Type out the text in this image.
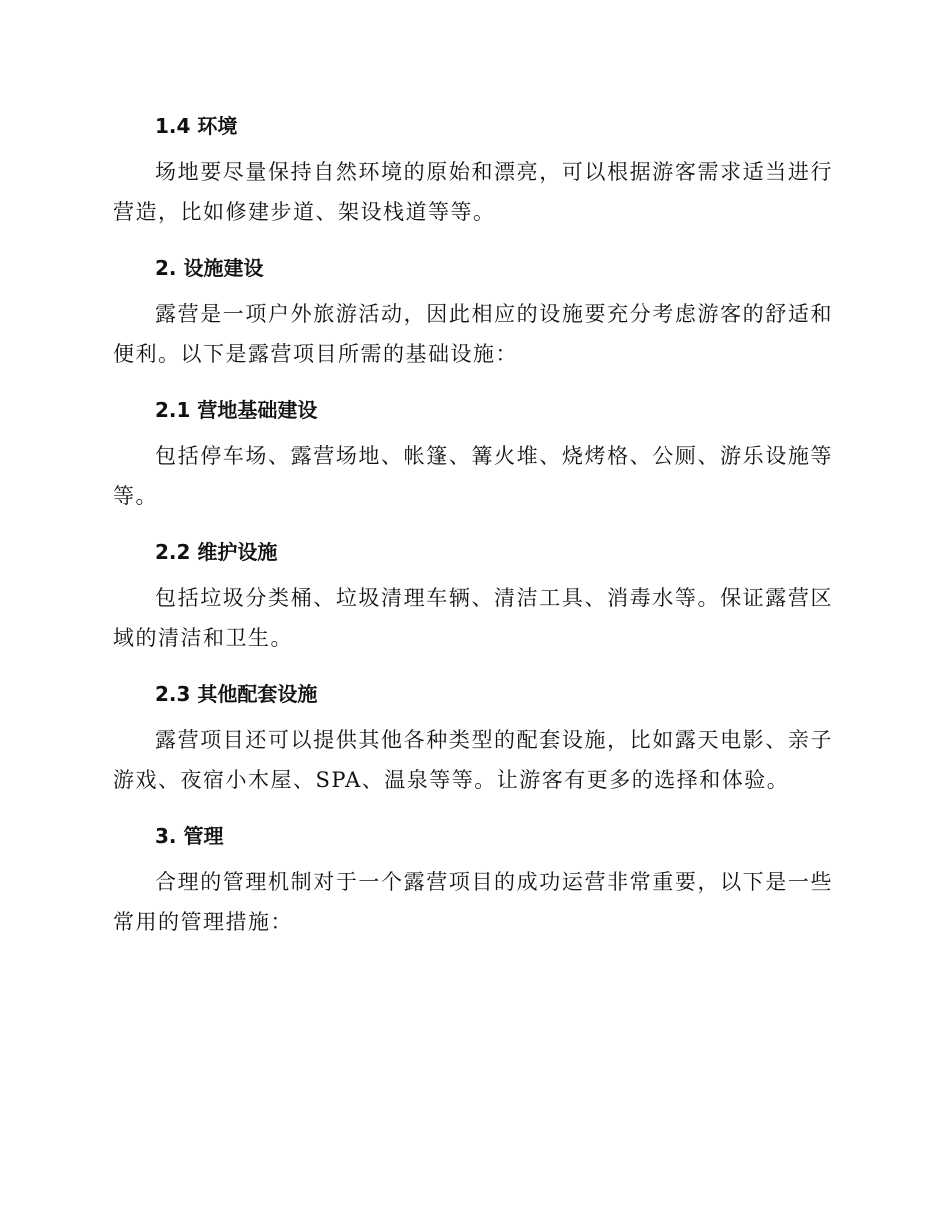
1.4 环境
场地要尽量保持自然环境的原始和漂亮，可以根据游客需求适当进行营造，比如修建步道、架设栈道等等。
2. 设施建设
露营是一项户外旅游活动，因此相应的设施要充分考虑游客的舒适和便利。以下是露营项目所需的基础设施：
2.1 营地基础建设
包括停车场、露营场地、帐篷、篝火堆、烧烤格、公厕、游乐设施等等。
2.2 维护设施
包括垃圾分类桶、垃圾清理车辆、清洁工具、消毒水等。保证露营区域的清洁和卫生。
2.3 其他配套设施
露营项目还可以提供其他各种类型的配套设施，比如露天电影、亲子游戏、夜宿小木屋、SPA、温泉等等。让游客有更多的选择和体验。
3. 管理
合理的管理机制对于一个露营项目的成功运营非常重要，以下是一些常用的管理措施：
